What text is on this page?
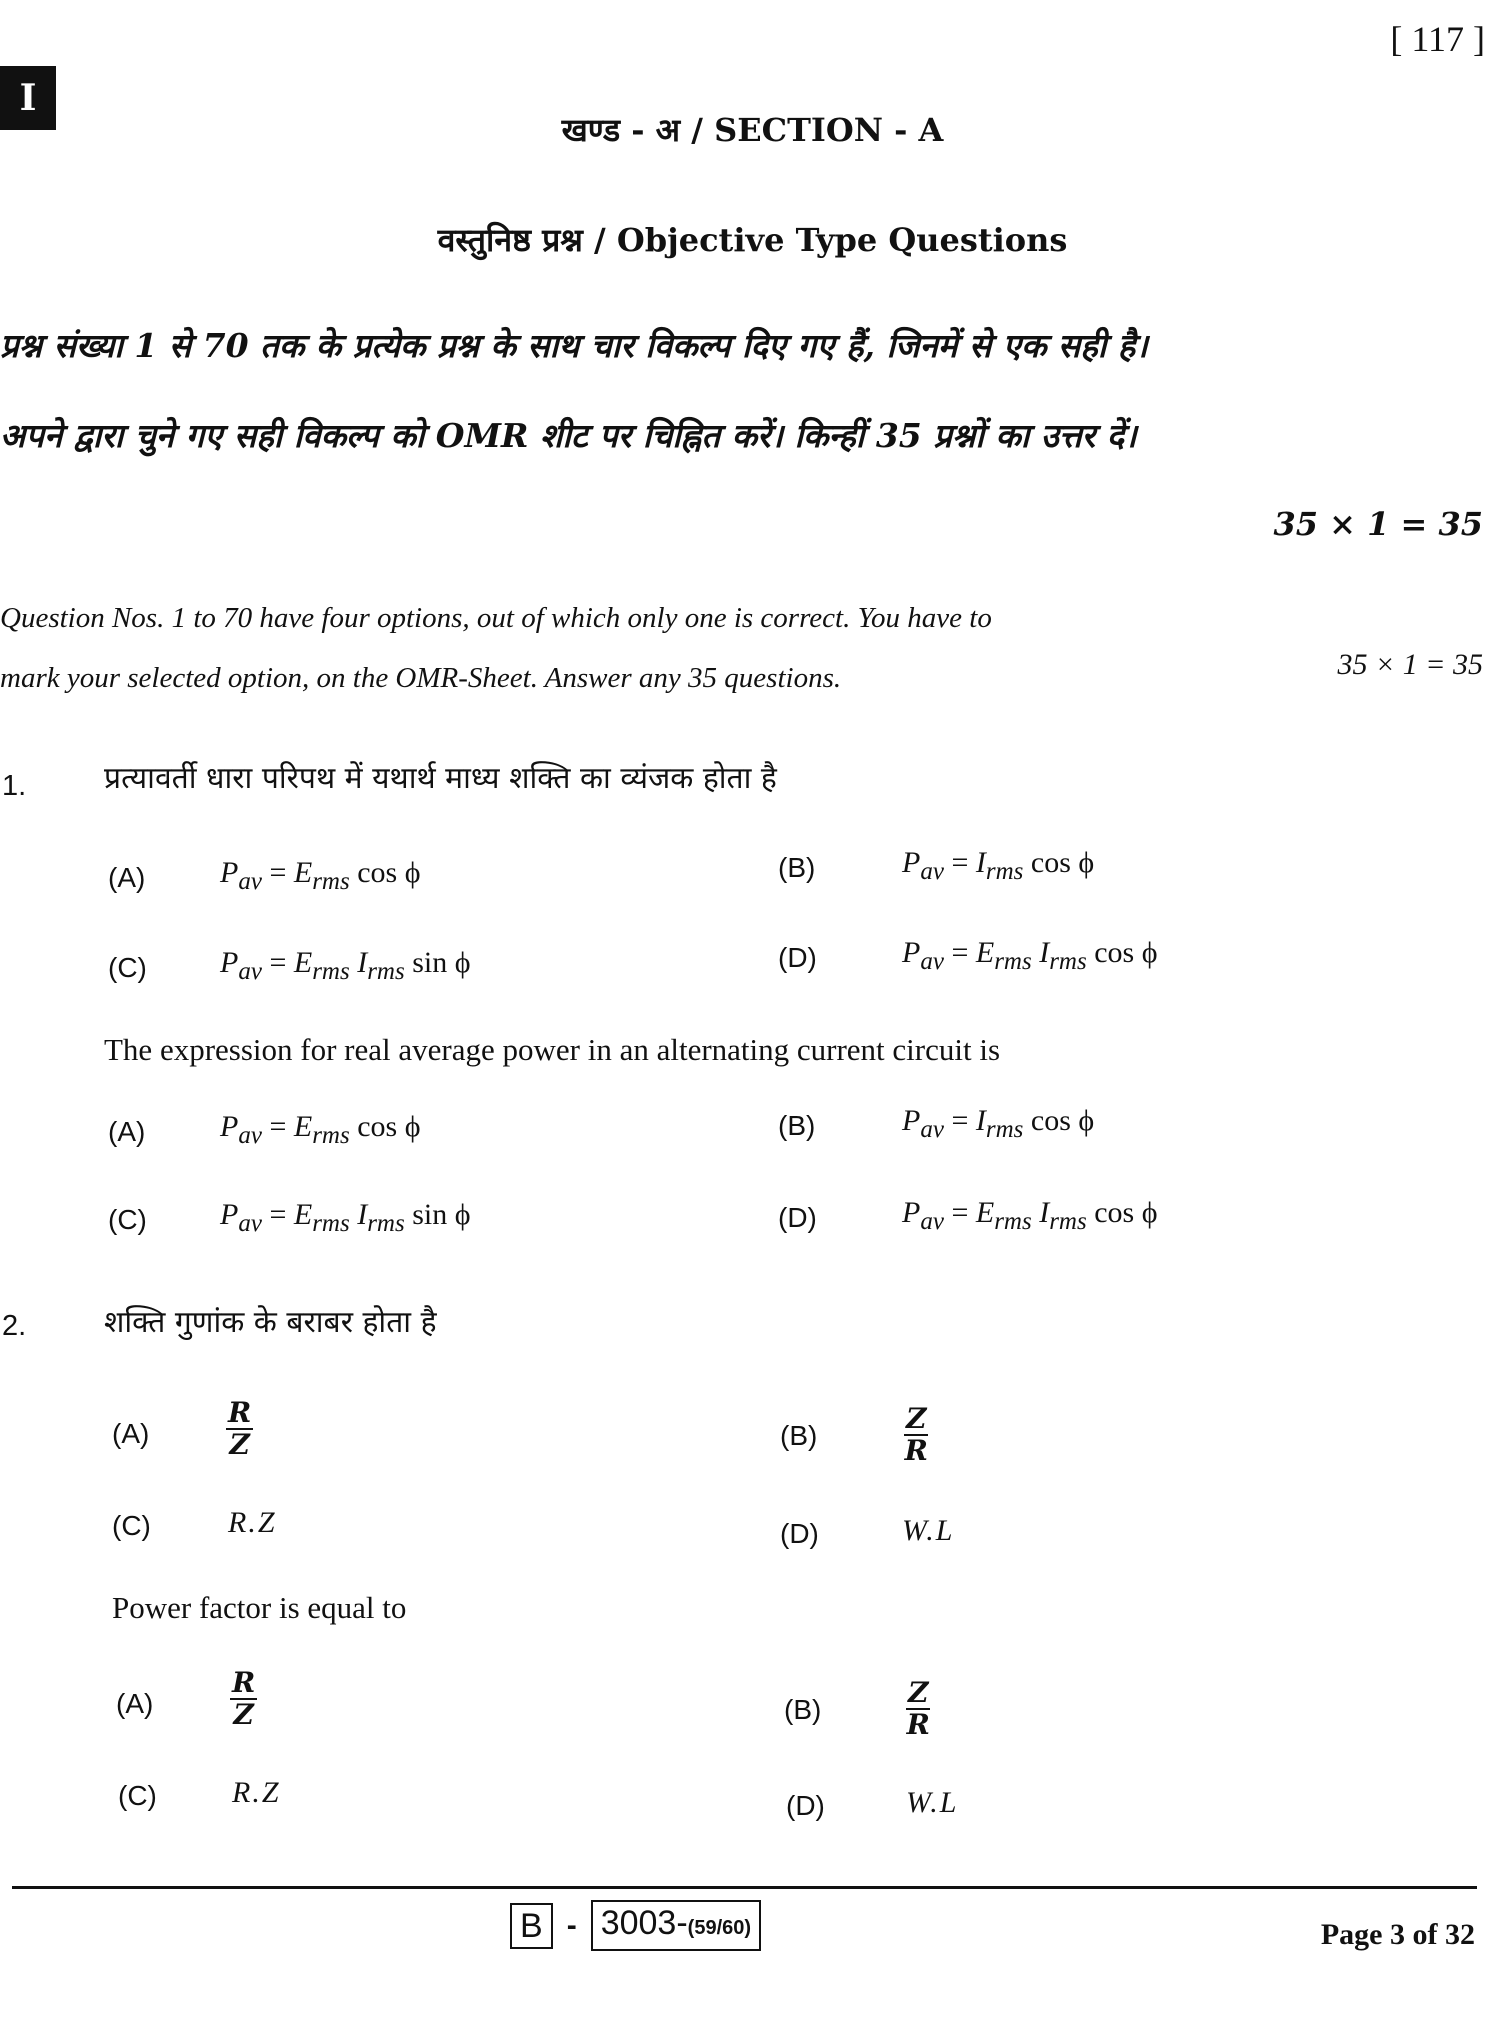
[ 117 ]
I
खण्ड - अ / SECTION - A
वस्तुनिष्ठ प्रश्न / Objective Type Questions
प्रश्न संख्या 1 से 70 तक के प्रत्येक प्रश्न के साथ चार विकल्प दिए गए हैं, जिनमें से एक सही है।
अपने द्वारा चुने गए सही विकल्प को OMR शीट पर चिह्नित करें। किन्हीं 35 प्रश्नों का उत्तर दें।
35 × 1 = 35
Question Nos. 1 to 70 have four options, out of which only one is correct. You have to
mark your selected option, on the OMR-Sheet. Answer any 35 questions.	35 × 1 = 35
1.	प्रत्यावर्ती धारा परिपथ में यथार्थ माध्य शक्ति का व्यंजक होता है
(A) $P_{av} = E_{rms}$ cos ϕ	(B)	$P_{av} = I_{rms}$ cos ϕ
(C) $P_{av} = E_{rms}$ $I_{rms}$ sin ϕ	(D)	$P_{av} = E_{rms}$ $I_{rms}$ cos ϕ
The expression for real average power in an alternating current circuit is
(A) $P_{av} = E_{rms}$ cos ϕ	(B)	$P_{av} = I_{rms}$ cos ϕ
(C) $P_{av} = E_{rms}$ $I_{rms}$ sin ϕ	(D)	$P_{av} = E_{rms}$ $I_{rms}$ cos ϕ
2.	शक्ति गुणांक के बराबर होता है
(A)	$\frac{R}{Z}$	(B)	$\frac{Z}{R}$
(C)	R.Z	(D)	W.L
Power factor is equal to
(A)	$\frac{R}{Z}$	(B)	$\frac{Z}{R}$
(C)	R.Z	(D)	W.L
B - 3003-(59/60)	Page 3 of 32
